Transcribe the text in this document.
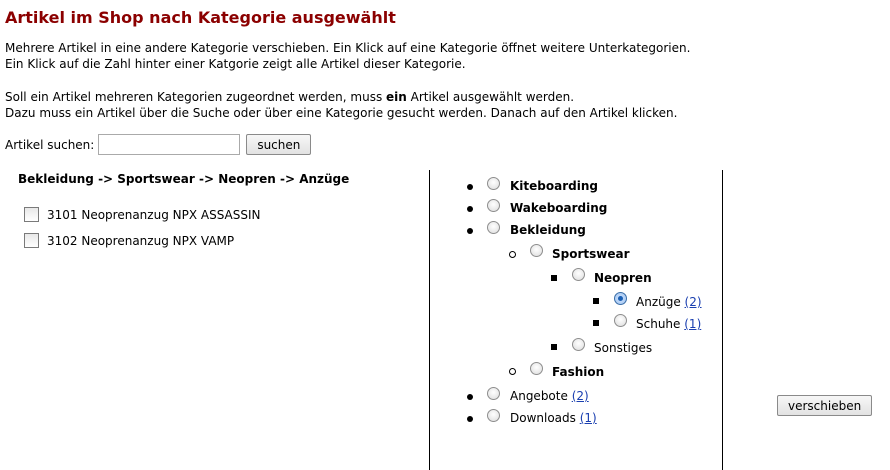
Artikel im Shop nach Kategorie ausgewählt
Mehrere Artikel in eine andere Kategorie verschieben. Ein Klick auf eine Kategorie öffnet weitere Unterkategorien.
Ein Klick auf die Zahl hinter einer Katgorie zeigt alle Artikel dieser Kategorie.
Soll ein Artikel mehreren Kategorien zugeordnet werden, muss ein Artikel ausgewählt werden.
Dazu muss ein Artikel über die Suche oder über eine Kategorie gesucht werden. Danach auf den Artikel klicken.
Artikel suchen:	suchen
Bekleidung -> Sportswear -> Neopren -> Anzüge
3101 Neoprenanzug NPX ASSASSIN
3102 Neoprenanzug NPX VAMP
Kiteboarding
Wakeboarding
Bekleidung
Sportswear
Neopren
Anzüge (2)
Schuhe (1)
Sonstiges
Fashion
Angebote (2)
Downloads (1)
verschieben
